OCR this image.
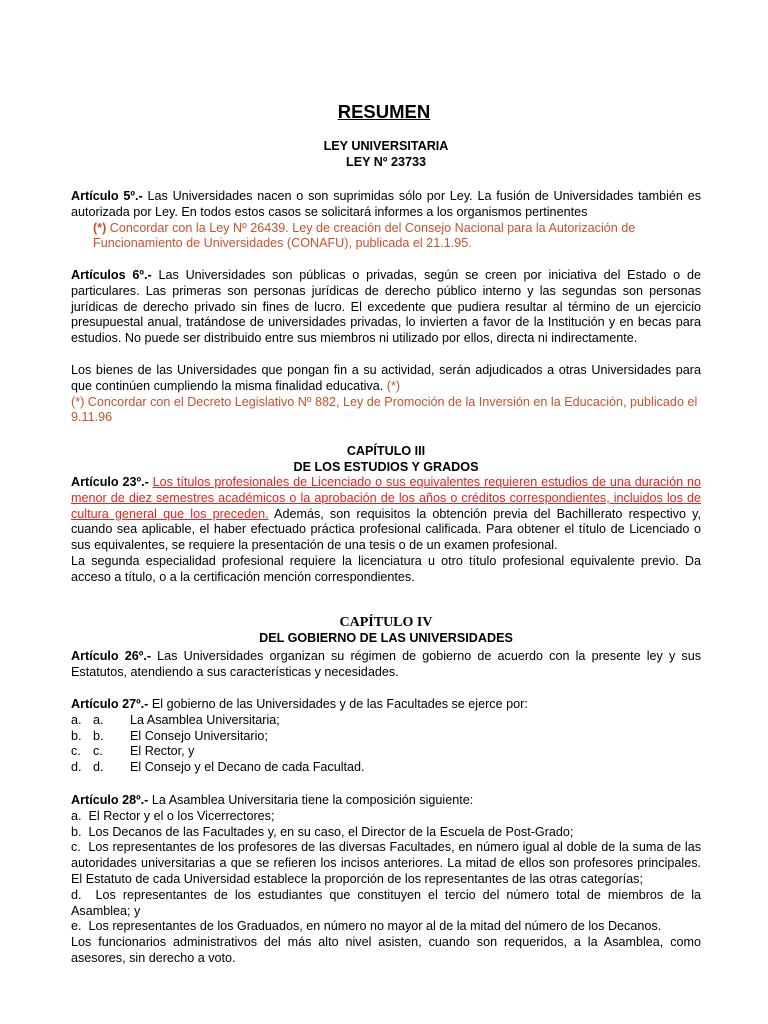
RESUMEN
LEY UNIVERSITARIA
LEY Nº 23733

Artículo 5º.- Las Universidades nacen o son suprimidas sólo por Ley. La fusión de Universidades también es autorizada por Ley. En todos estos casos se solicitará informes a los organismos pertinentes

(*) Concordar con la Ley Nº 26439. Ley de creación del Consejo Nacional para la Autorización de Funcionamiento de Universidades (CONAFU), publicada el 21.1.95.

Artículos 6º.- Las Universidades son públicas o privadas, según se creen por iniciativa del Estado o de particulares. Las primeras son personas jurídicas de derecho público interno y las segundas son personas jurídicas de derecho privado sin fines de lucro. El excedente que pudiera resultar al término de un ejercicio presupuestal anual, tratándose de universidades privadas, lo invierten a favor de la Institución y en becas para estudios. No puede ser distribuido entre sus miembros ni utilizado por ellos, directa ni indirectamente.

Los bienes de las Universidades que pongan fin a su actividad, serán adjudicados a otras Universidades para que continúen cumpliendo la misma finalidad educativa. (*)

(*) Concordar con el Decreto Legislativo Nº 882, Ley de Promoción de la Inversión en la Educación, publicado el 9.11.96

CAPÍTULO III
DE LOS ESTUDIOS Y GRADOS

Artículo 23º.- Los títulos profesionales de Licenciado o sus equivalentes requieren estudios de una duración no menor de diez semestres académicos o la aprobación de los años o créditos correspondientes, incluidos los de cultura general que los preceden. Además, son requisitos la obtención previa del Bachillerato respectivo y, cuando sea aplicable, el haber efectuado práctica profesional calificada. Para obtener el título de Licenciado o sus equivalentes, se requiere la presentación de una tesis o de un examen profesional.

La segunda especialidad profesional requiere la licenciatura u otro título profesional equivalente previo. Da acceso a título, o a la certificación mención correspondientes.

CAPÍTULO IV
DEL GOBIERNO DE LAS UNIVERSIDADES

Artículo 26º.- Las Universidades organizan su régimen de gobierno de acuerdo con la presente ley y sus Estatutos, atendiendo a sus características y necesidades.

Artículo 27º.- El gobierno de las Universidades y de las Facultades se ejerce por:

a. a.	La Asamblea Universitaria;
b. b.	El Consejo Universitario;
c. c.	El Rector, y
d. d.	El Consejo y el Decano de cada Facultad.

Artículo 28º.- La Asamblea Universitaria tiene la composición siguiente:

a. El Rector y el o los Vicerrectores;

b. Los Decanos de las Facultades y, en su caso, el Director de la Escuela de Post-Grado;

c. Los representantes de los profesores de las diversas Facultades, en número igual al doble de la suma de las autoridades universitarias a que se refieren los incisos anteriores. La mitad de ellos son profesores principales. El Estatuto de cada Universidad establece la proporción de los representantes de las otras categorías;

d. Los representantes de los estudiantes que constituyen el tercio del número total de miembros de la Asamblea; y

e. Los representantes de los Graduados, en número no mayor al de la mitad del número de los Decanos.

Los funcionarios administrativos del más alto nivel asisten, cuando son requeridos, a la Asamblea, como asesores, sin derecho a voto.
